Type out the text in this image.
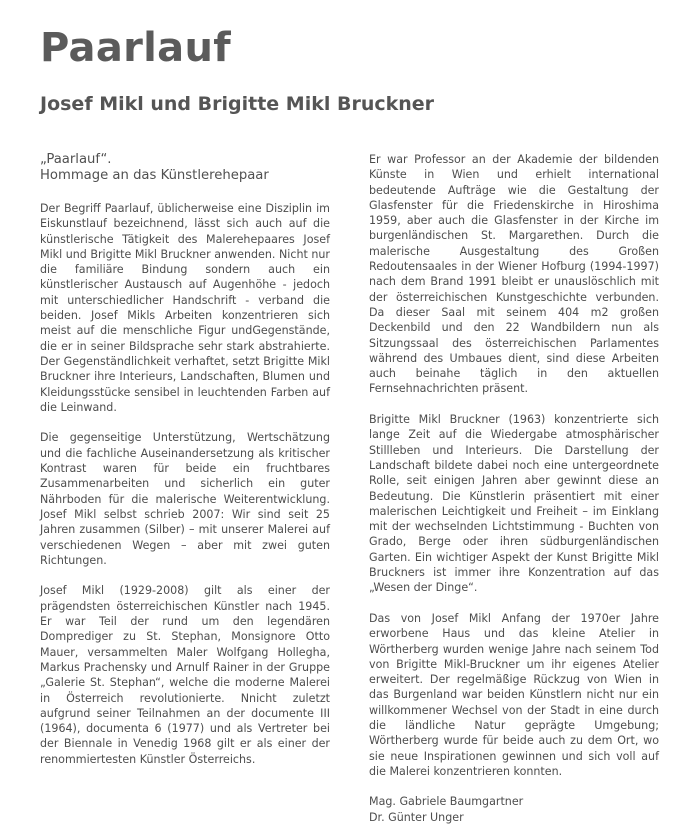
Paarlauf
Josef Mikl und Brigitte Mikl Bruckner
„Paarlauf“.
Hommage an das Künstlerehepaar

Der Begriff Paarlauf, üblicherweise eine Disziplin im Eiskunstlauf bezeichnend, lässt sich auch auf die künstlerische Tätigkeit des Malerehepaares Josef Mikl und Brigitte Mikl Bruckner anwenden. Nicht nur die familiäre Bindung sondern auch ein künstlerischer Austausch auf Augenhöhe - jedoch mit unterschiedlicher Handschrift - verband die beiden. Josef Mikls Arbeiten konzentrieren sich meist auf die menschliche Figur undGegenstände, die er in seiner Bildsprache sehr stark abstrahierte. Der Gegenständlichkeit verhaftet, setzt Brigitte Mikl Bruckner ihre Interieurs, Landschaften, Blumen und Kleidungsstücke sensibel in leuchtenden Farben auf die Leinwand.

Die gegenseitige Unterstützung, Wertschätzung und die fachliche Auseinandersetzung als kritischer Kontrast waren für beide ein fruchtbares Zusammenarbeiten und sicherlich ein guter Nährboden für die malerische Weiterentwicklung. Josef Mikl selbst schrieb 2007: Wir sind seit 25 Jahren zusammen (Silber) – mit unserer Malerei auf verschiedenen Wegen – aber mit zwei guten Richtungen.

Josef Mikl (1929-2008) gilt als einer der prägendsten österreichischen Künstler nach 1945. Er war Teil der rund um den legendären Domprediger zu St. Stephan, Monsignore Otto Mauer, versammelten Maler Wolfgang Hollegha, Markus Prachensky und Arnulf Rainer in der Gruppe „Galerie St. Stephan“, welche die moderne Malerei in Österreich revolutionierte. Nnicht zuletzt aufgrund seiner Teilnahmen an der documente III (1964), documenta 6 (1977) und als Vertreter bei der Biennale in Venedig 1968 gilt er als einer der renommiertesten Künstler Österreichs.

Er war Professor an der Akademie der bildenden Künste in Wien und erhielt international bedeutende Aufträge wie die Gestaltung der Glasfenster für die Friedenskirche in Hiroshima 1959, aber auch die Glasfenster in der Kirche im burgenländischen St. Margarethen. Durch die malerische Ausgestaltung des Großen Redoutensaales in der Wiener Hofburg (1994-1997) nach dem Brand 1991 bleibt er unauslöschlich mit der österreichischen Kunstgeschichte verbunden. Da dieser Saal mit seinem 404 m2 großen Deckenbild und den 22 Wandbildern nun als Sitzungssaal des österreichischen Parlamentes während des Umbaues dient, sind diese Arbeiten auch beinahe täglich in den aktuellen Fernsehnachrichten präsent.

Brigitte Mikl Bruckner (1963) konzentrierte sich lange Zeit auf die Wiedergabe atmosphärischer Stillleben und Interieurs. Die Darstellung der Landschaft bildete dabei noch eine untergeordnete Rolle, seit einigen Jahren aber gewinnt diese an Bedeutung. Die Künstlerin präsentiert mit einer malerischen Leichtigkeit und Freiheit – im Einklang mit der wechselnden Lichtstimmung - Buchten von Grado, Berge oder ihren südburgenländischen Garten. Ein wichtiger Aspekt der Kunst Brigitte Mikl Bruckners ist immer ihre Konzentration auf das „Wesen der Dinge“.

Das von Josef Mikl Anfang der 1970er Jahre erworbene Haus und das kleine Atelier in Wörtherberg wurden wenige Jahre nach seinem Tod von Brigitte Mikl-Bruckner um ihr eigenes Atelier erweitert. Der regelmäßige Rückzug von Wien in das Burgenland war beiden Künstlern nicht nur ein willkommener Wechsel von der Stadt in eine durch die ländliche Natur geprägte Umgebung; Wörtherberg wurde für beide auch zu dem Ort, wo sie neue Inspirationen gewinnen und sich voll auf die Malerei konzentrieren konnten.

Mag. Gabriele Baumgartner
Dr. Günter Unger
